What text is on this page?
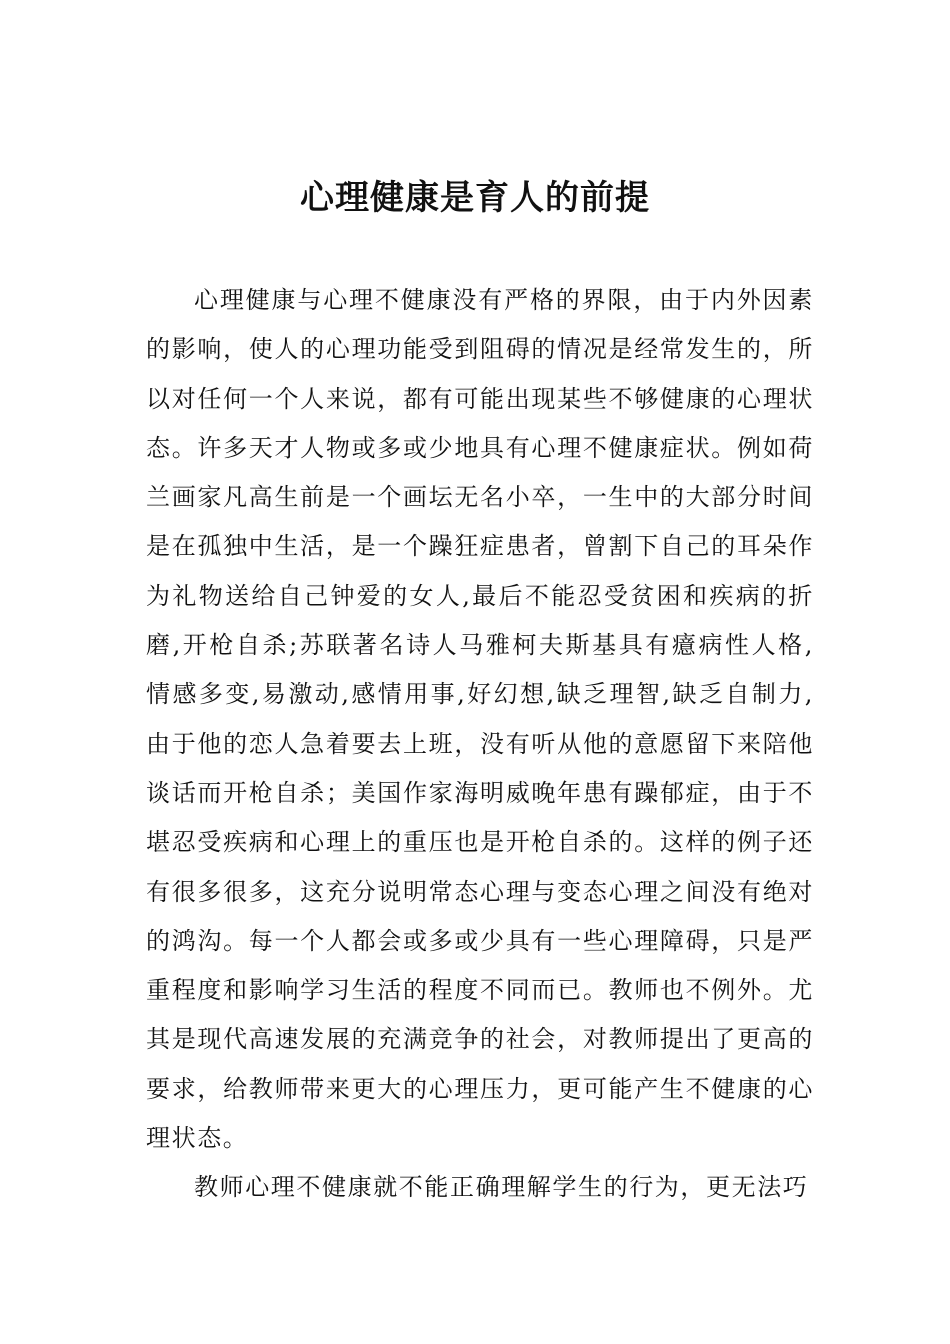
心理健康是育人的前提

心理健康与心理不健康没有严格的界限，由于内外因素的影响，使人的心理功能受到阻碍的情况是经常发生的，所以对任何一个人来说，都有可能出现某些不够健康的心理状态。许多天才人物或多或少地具有心理不健康症状。例如荷兰画家凡高生前是一个画坛无名小卒，一生中的大部分时间是在孤独中生活，是一个躁狂症患者，曾割下自己的耳朵作为礼物送给自己钟爱的女人,最后不能忍受贫困和疾病的折磨,开枪自杀;苏联著名诗人马雅柯夫斯基具有癔病性人格,情感多变,易激动,感情用事,好幻想,缺乏理智,缺乏自制力,由于他的恋人急着要去上班，没有听从他的意愿留下来陪他谈话而开枪自杀；美国作家海明威晚年患有躁郁症，由于不堪忍受疾病和心理上的重压也是开枪自杀的。这样的例子还有很多很多，这充分说明常态心理与变态心理之间没有绝对的鸿沟。每一个人都会或多或少具有一些心理障碍，只是严重程度和影响学习生活的程度不同而已。教师也不例外。尤其是现代高速发展的充满竞争的社会，对教师提出了更高的要求，给教师带来更大的心理压力，更可能产生不健康的心理状态。

教师心理不健康就不能正确理解学生的行为，更无法巧
